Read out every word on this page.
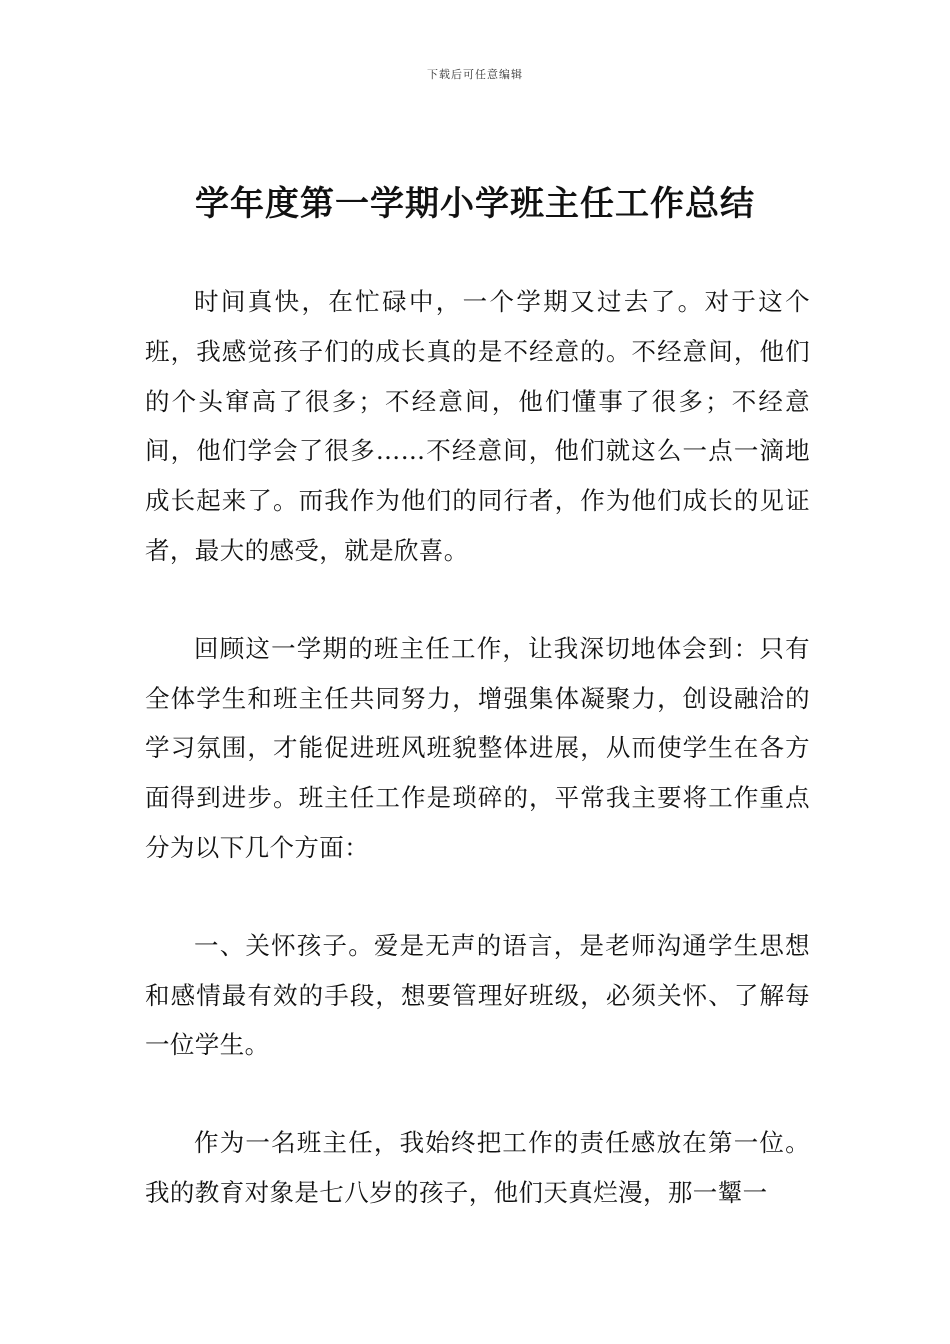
下载后可任意编辑
学年度第一学期小学班主任工作总结

时间真快，在忙碌中，一个学期又过去了。对于这个班，我感觉孩子们的成长真的是不经意的。不经意间，他们的个头窜高了很多；不经意间，他们懂事了很多；不经意间，他们学会了很多……不经意间，他们就这么一点一滴地成长起来了。而我作为他们的同行者，作为他们成长的见证者，最大的感受，就是欣喜。

回顾这一学期的班主任工作，让我深切地体会到：只有全体学生和班主任共同努力，增强集体凝聚力，创设融洽的学习氛围，才能促进班风班貌整体进展，从而使学生在各方面得到进步。班主任工作是琐碎的，平常我主要将工作重点分为以下几个方面：

一、关怀孩子。爱是无声的语言，是老师沟通学生思想和感情最有效的手段，想要管理好班级，必须关怀、了解每一位学生。

作为一名班主任，我始终把工作的责任感放在第一位。我的教育对象是七八岁的孩子，他们天真烂漫，那一颦一
